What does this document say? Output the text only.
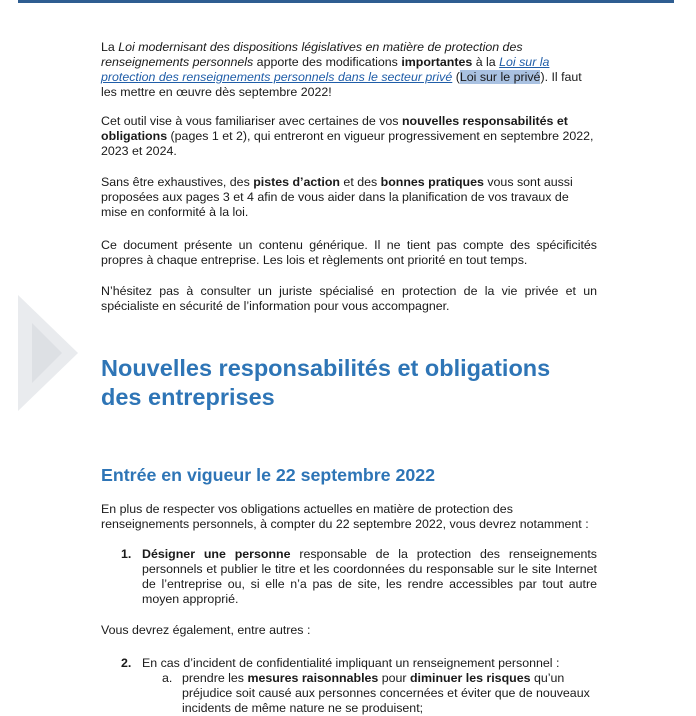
La Loi modernisant des dispositions législatives en matière de protection des renseignements personnels apporte des modifications importantes à la Loi sur la protection des renseignements personnels dans le secteur privé (Loi sur le privé). Il faut les mettre en œuvre dès septembre 2022!

Cet outil vise à vous familiariser avec certaines de vos nouvelles responsabilités et obligations (pages 1 et 2), qui entreront en vigueur progressivement en septembre 2022, 2023 et 2024.

Sans être exhaustives, des pistes d’action et des bonnes pratiques vous sont aussi proposées aux pages 3 et 4 afin de vous aider dans la planification de vos travaux de mise en conformité à la loi.

Ce document présente un contenu générique. Il ne tient pas compte des spécificités propres à chaque entreprise. Les lois et règlements ont priorité en tout temps.

N’hésitez pas à consulter un juriste spécialisé en protection de la vie privée et un spécialiste en sécurité de l’information pour vous accompagner.

Nouvelles responsabilités et obligations des entreprises
Entrée en vigueur le 22 septembre 2022

En plus de respecter vos obligations actuelles en matière de protection des renseignements personnels, à compter du 22 septembre 2022, vous devrez notamment :

1. Désigner une personne responsable de la protection des renseignements personnels et publier le titre et les coordonnées du responsable sur le site Internet de l’entreprise ou, si elle n’a pas de site, les rendre accessibles par tout autre moyen approprié.

Vous devrez également, entre autres :

2. En cas d’incident de confidentialité impliquant un renseignement personnel :
a. prendre les mesures raisonnables pour diminuer les risques qu’un préjudice soit causé aux personnes concernées et éviter que de nouveaux incidents de même nature ne se produisent;
